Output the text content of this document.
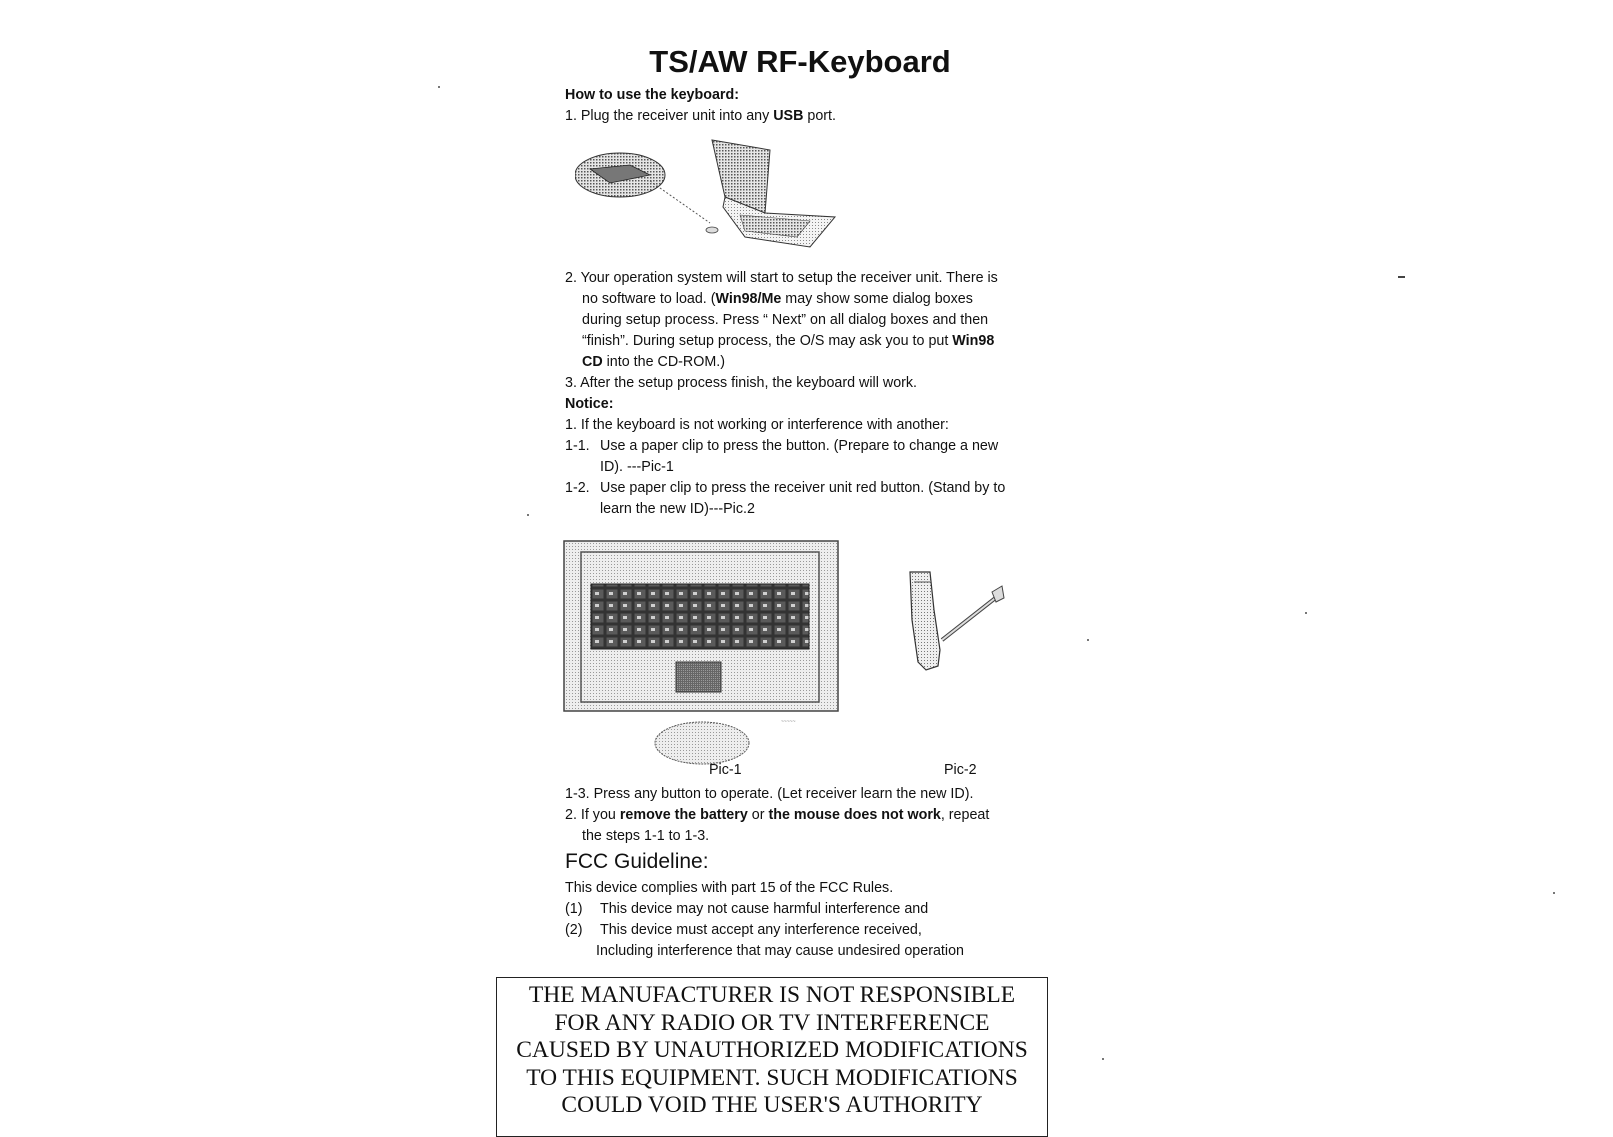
TS/AW RF-Keyboard
How to use the keyboard:
1. Plug the receiver unit into any USB port.
2. Your operation system will start to setup the receiver unit. There is
no software to load. (Win98/Me may show some dialog boxes
during setup process. Press “ Next” on all dialog boxes and then
“finish”. During setup process, the O/S may ask you to put Win98
CD into the CD-ROM.)
3. After the setup process finish, the keyboard will work.
Notice:
1. If the keyboard is not working or interference with another:
1-1. Use a paper clip to press the button. (Prepare to change a new
ID). ---Pic-1
1-2. Use paper clip to press the receiver unit red button. (Stand by to
learn the new ID)---Pic.2
~~~~~
Pic-1	Pic-2
1-3. Press any button to operate. (Let receiver learn the new ID).
2. If you remove the battery or the mouse does not work, repeat
the steps 1-1 to 1-3.
FCC Guideline:
This device complies with part 15 of the FCC Rules.
(1) This device may not cause harmful interference and
(2) This device must accept any interference received,
Including interference that may cause undesired operation
THE MANUFACTURER IS NOT RESPONSIBLE
FOR ANY RADIO OR TV INTERFERENCE
CAUSED BY UNAUTHORIZED MODIFICATIONS
TO THIS EQUIPMENT. SUCH MODIFICATIONS
COULD VOID THE USER'S AUTHORITY
